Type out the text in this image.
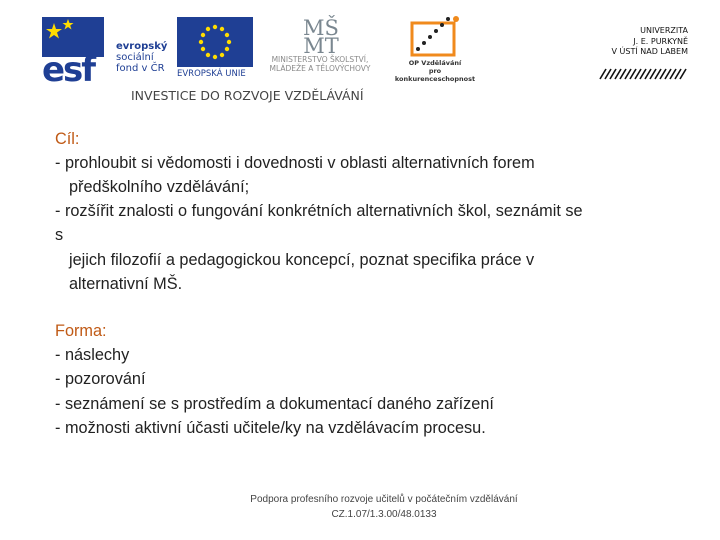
esf
evropský
sociální
fond v ČR	EVROPSKÁ UNIE
MŠ
MT
MINISTERSTVO ŠKOLSTVÍ,
MLÁDEŽE A TĚLOVÝCHOVY
OP Vzdělávání
pro konkurenceschopnost
UNIVERZITA
J. E. PURKYNĚ
V ÚSTÍ NAD LABEM
INVESTICE DO ROZVOJE VZDĚLÁVÁNÍ
Cíl:
- prohloubit si vědomosti i dovednosti v oblasti alternativních forem
předškolního vzdělávání;
- rozšířit znalosti o fungování konkrétních alternativních škol, seznámit se
s
jejich filozofií a pedagogickou koncepcí, poznat specifika práce v
alternativní MŠ.
Forma:
- náslechy
- pozorování
- seznámení se s prostředím a dokumentací daného zařízení
- možnosti aktivní účasti učitele/ky na vzdělávacím procesu.
Podpora profesního rozvoje učitelů v počátečním vzdělávání
CZ.1.07/1.3.00/48.0133
